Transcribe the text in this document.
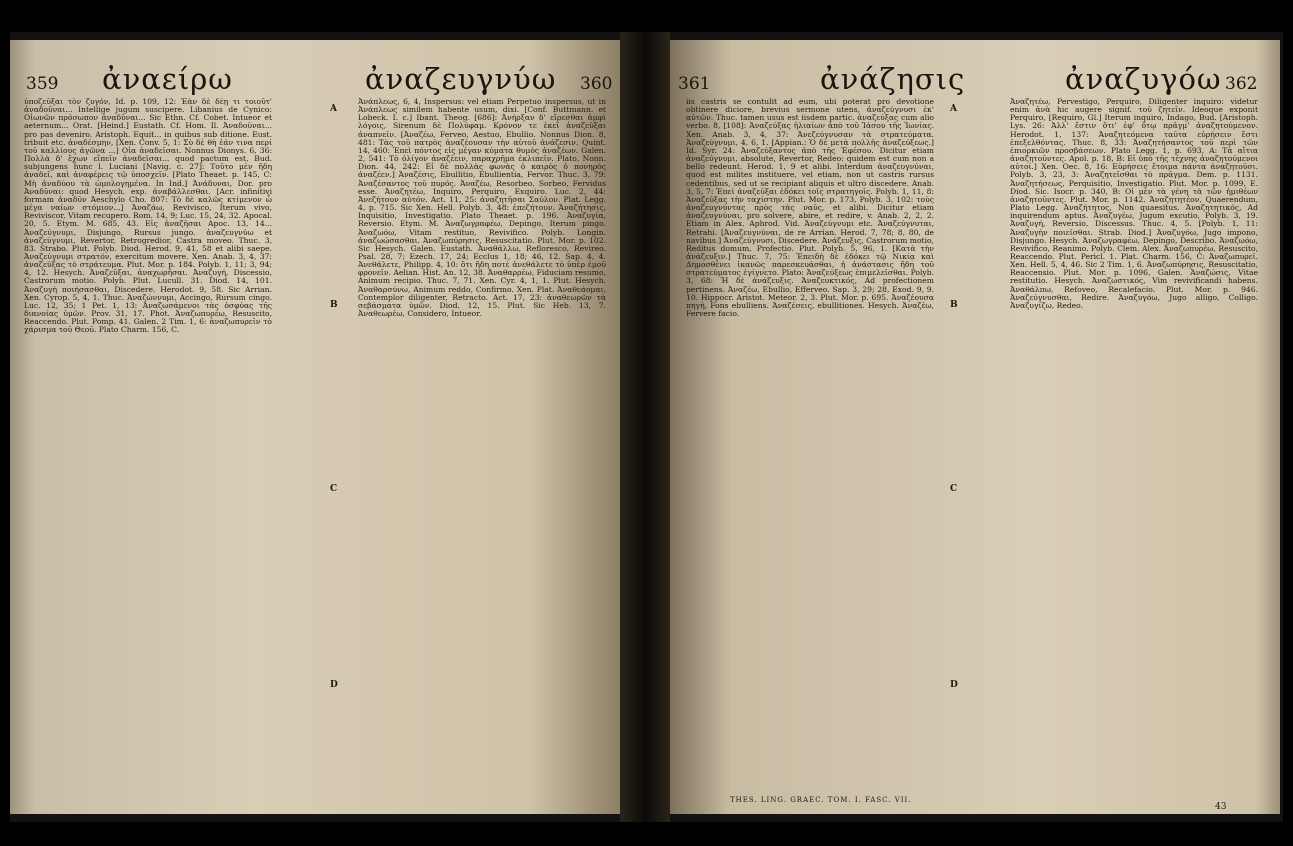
359 ἀναείρω	ἀναζευγνύω 360
ὑποζεῦξαι τὸν ζυγόν, Id. p. 109, 12: Ἐὰν δὲ δέῃ τι τοιοῦτ' ἀναδοῦναι... Intellige jugum suscipere. Libanius de Cynico: Οἰωνῶν πρόσωπον ἀναδῦναι... Sic Ethn. Cf. Cobet. Intueor et aeternum... Orat. [Heind.] Eustath. Cf. Hom. Il. Ἀναδοῦναι... pro pas deveniro. Aristoph. Equit... in quibus sub ditione. Eust. tribuit etc. ἀναδέσμην, [Xen. Conv. 5, 1: Σὺ δὲ θὴ ἐάν τινα περί τοῦ καλλίους ἀγῶνα ...] Οἱα ἀναδεῖσαι. Nonnus Dionys. 6, 36: Πολλὰ δ' ἔχων εἴπεῖν ἀναδεῖσαι... quod pactum est, Bud. subjungens hunc l. Luciani [Navig. c. 27]: Τοῦτο μὲν ἤδη ἀναδεῖ, καὶ ἀναφέρεις τῷ ὑποσχεῖν. [Plato Theaet. p. 145, C: Μὴ ἀναδύου τὰ ὡμολογημένα. In Ind.] Ἀνάδυναι, Dor. pro Ἀναδῦναι: quod Hesych. exp. ἀναβάλλεσθαι. [Acr. infinitivi formam ἀναδῦν Ἀeschylo Cho. 807: Τὸ δὲ καλῶς κτίμενον ὦ μέγα ναίων στόμιον...] Ἀναζάω, Revivisco, Iterum vivo, Reviviscor, Vitam recupero. Rom. 14, 9; Luc. 15, 24, 32. Apocal. 20, 5. Etym. M. 685, 43. Εἰς ἀναζῆσαι Apoc. 13, 14... Ἀναζεύγνυμι, Disjungo, Rursus jungo. ἀναζευγνύω et ἀναζεύγνυμι, Revertor, Retrogredior, Castra moveo. Thuc. 3, 83. Strabo. Plut. Polyb. Diod. Herod. 9, 41, 58 et alibi saepe. Ἀναζεύγνυμι στρατόν, exercitum movere. Xen. Anab. 3, 4, 37: ἀναζεύξας τὸ στράτευμα. Plut. Mor. p. 184. Polyb. 1, 11; 3, 94; 4, 12. Hesych. Ἀναζεῦξαι, ἀναχωρῆσαι. Ἀναζυγή, Discessio, Castrorum motio. Polyb. Plut. Lucull. 31. Diod. 14, 101. Ἀναζυγὴ ποιήσασθαι, Discedere. Herodot. 9, 58. Sic Arrian. Xen. Cyrop. 5, 4, 1. Thuc. Ἀναζώννυμι, Accingo, Rursum cingo. Luc. 12, 35; 1 Pet. 1, 13: Ἀναζωσάμενοι τὰς ὀσφύας τῆς διανοίας ὑμῶν. Prov. 31, 17. Phot. Ἀναζωπυρέω, Resuscito, Reaccendo. Plut. Pomp. 41. Galen. 2 Tim. 1, 6: ἀναζωπυρεῖν τὸ χάρισμα τοῦ Θεοῦ. Plato Charm. 156, C.
Ἀνάπλεως, 6, 4, Inspersus: vel etiam Perpetuo inspersus, ut in Ἀνάπλεως similem habente usum, dixi. [Conf. Buttmann. et Lobeck. I. c.] Ibant. Theog. [686]: Ἀνήρξαν δ' εἴρεσθαι ἀμφὶ λόγοις, Sirenum δὲ Πολύφαμ. Κρόνον τε ἐκεῖ ἀναζεῦξαι ἀναπνεῖν. [Ἀναζέω, Ferveo, Aestuo, Ebullio. Nonnus Dion. 8, 481: Τὰς τοῦ πατρὸς ἀναζέουσαν τὴν αὐτοῦ ἀνάζεσιν. Quint. 14, 460: Ἐπεὶ πόντος εἰς μέγαν κύματα θυμὸς ἀναζέων. Galen. 2, 541: Τὸ ὀλίγον ἀναζέειν, παραχρῆμα ἐκλιπεῖν. Plato, Nonn. Dion. 44, 242: Εἰ δὲ πολλὰς φωνὰς ὁ καιρὸς ὁ πονηρὸς ἀναζέεν.] Ἀναζέσις, Ebullitio, Ebullientia, Fervor. Thuc. 3, 79: Ἀναζέσαντος τοῦ πυρός. Ἀναζέω, Resorbeo, Sorbeo, Fervidus esse. Ἀναζητέω, Inquiro, Perquiro, Exquiro. Luc. 2, 44: Ἀνεζήτουν αὐτόν. Act. 11, 25: ἀναζητῆσαι Σαῦλον. Plat. Legg. 4, p. 715. Sic Xen. Hell. Polyb. 3, 48: ἐπεζήτουν. Ἀναζήτησις, Inquisitio, Investigatio. Plato Theaet. p. 196. Ἀναζυγία, Reversio. Etym. M. Ἀναζωγραφέω, Depingo, Iterum pingo. Ἀναζωόω, Vitam restituo, Revivifico. Polyb. Longin. ἀναζωώσασθαι. Ἀναζωπύρησις, Resuscitatio. Plut. Mor. p. 102. Sic Hesych. Galen. Eustath. Ἀναθάλλω, Refloresco, Revireo. Psal. 28, 7; Ezech. 17, 24; Ecclus 1, 18; 46, 12. Sap. 4, 4. Ἀνεθάλετε, Philipp. 4, 10: ὅτι ἤδη ποτὲ ἀνεθάλετε τὸ ὑπὲρ ἐμοῦ φρονεῖν. Aelian. Hist. An. 12, 38. Ἀναθαρρέω, Fiduciam resumo, Animum recipio. Thuc. 7, 71. Xen. Cyr. 4, 1, 1. Plut. Hesych. Ἀναθαρσύνω, Animum reddo, Confirmo. Xen. Plat. Ἀναθεάομαι, Contemplor diligenter, Retracto. Act. 17, 23: ἀναθεωρῶν τὰ σεβάσματα ὑμῶν. Diod. 12, 15. Plut. Sic Heb. 13, 7. Ἀναθεωρέω, Considero, Intueor.
A
B
C
D
361	ἀνάζησις	ἀναζυγόω 362
iis castris se contulit ad eum, ubi poterat pro devotione obtinere diciore, brevius sermone utens, ἀναζεύγνυσι ἐκ' αὐτῶν. Thuc. tamen usus est iisdem partic. ἀναζεύξας cum alio verbo. 8, [108]: Ἀναζεύξας ἡλιαίων ἀπὸ τοῦ Ἰάσου τῆς Ἰωνίας. Xen. Anab. 3, 4, 37: Ἀνεζεύγνυσαν τὰ στρατεύματα. Ἀναζεύγνυμι, 4, 6, 1. [Appian.: Ὁ δὲ μετὰ πολλῆς ἀναζεύξεως.] Id. Syr. 24: Ἀναζεύξαντος ἀπὸ τῆς Ἐφέσου. Dicitur etiam ἀναζεύγνυμι, absolute, Revertor, Redeo: quidem est cum non a bello redeunt. Herod. 1, 9 et alibi. Interdum ἀναζευγνύναι, quod est milites instituere, vel etiam, non ut castris rursus cedentibus, sed ut se recipiant aliquis et ultro discedere. Anab. 3, 5, 7: Ἐπεὶ ἀναζεῦξαι ἐδόκει τοῖς στρατηγοῖς. Polyb. 1, 11, 8: Ἀναζεύξας τὴν ταχίστην. Plut. Mor. p. 173, Polyb. 3, 102: τοὺς ἀναζευγνύντας πρὸς τὰς ναῦς, et alibi. Dicitur etiam ἀναζευγνύναι, pro solvere, abire, et redire, v. Anab. 2, 2, 2. Etiam in Alex. Aphrod. Vid. Ἀναζεύγνυμι etc. Ἀναζεύγνυται, Retrahi. [Ἀναζευγνύναι, de re Arrian. Herod. 7, 78; 8, 80, de navibus.] Ἀναζεύγνυσι, Discedere. Ἀνάζευξις, Castrorum motio, Reditus domum, Profectio. Plut. Polyb. 5, 96, 1. [Κατὰ τὴν ἀνάζευξιν.] Thuc. 7, 75: Ἐπειδὴ δὲ ἐδόκει τῷ Νικίᾳ καὶ Δημοσθένει ἱκανῶς παρεσκευάσθαι, ἡ ἀνάστασις ἤδη τοῦ στρατεύματος ἐγίγνετο. Plato: Ἀναζεύξεως ἐπιμελεῖσθαι. Polyb. 3, 68: Ἡ δὲ ἀνάζευξις. Ἀναζευκτικός, Ad profectionem pertinens. Ἀναζέω, Ebullio, Efferveo. Sap. 3, 29; 28, Exod. 9, 9. 10. Hippocr. Aristot. Meteor. 2, 3. Plut. Mor. p. 695. Ἀναζέουσα πηγή, Fons ebulliens. Ἀναζέσεις, ebullitiones. Hesych. Ἀναζέω, Fervere facio.
Ἀναζητέω, Pervestigo, Perquiro, Diligenter inquiro: videtur enim ἀνὰ hic augere signif. τοῦ ζητεῖν. Ideoque exponit Perquiro, [Requiro, Gl.] Iterum inquiro, Indago, Bud. [Aristoph. Lys. 26: Ἀλλ' ἔστιν ὅτι' ἐφ' ὅτῳ πρᾶγμ' ἀναζητούμενον. Herodot. 1, 137: Ἀναζητεόμενα ταῦτα εὑρήσειν ἔστι ἐπεξελθόντας. Thuc. 8, 33: Ἀναζητήσαντος τοῦ περὶ τῶν ἐπιορκιῶν προσβάσεων. Plato Legg. 1, p. 693, A: Τὰ αἴτια ἀναζητοῦντες. Apol. p. 18, B: Εἰ ὑπὸ τῆς τέχνης ἀναζητούμενοι αὐτοί.] Xen. Oec. 8, 16: Εὐρήσεις ἕτοιμα πάντα ἀναζητοῦσι. Polyb. 3, 23, 3: Ἀναζητεῖσθαι τὸ πρᾶγμα. Dem. p. 1131. Ἀναζητήσεως, Perquisitio, Investigatio. Plut. Mor. p. 1099, E. Diod. Sic. Isocr. p. 340, B: Οἱ μὲν τὰ γένη τὰ τῶν ἡμιθέων ἀναζητοῦντες. Plut. Mor. p. 1142. Ἀναζητητέον, Quaerendum, Plato Legg. Ἀναζήτητος, Non quaesitus. Ἀναζητητικός, Ad inquirendum aptus. Ἀναζυγέω, Jugum excutio, Polyb. 3, 19. Ἀναζυγή, Reversio, Discessus. Thuc. 4, 5. [Polyb. 1, 11: Ἀναζυγὴν ποιεῖσθαι. Strab. Diod.] Ἀναζυγόω, Jugo impono, Disjungo. Hesych. Ἀναζωγραφέω, Depingo, Describo. Ἀναζωόω, Revivifico, Reanimo. Polyb. Clem. Alex. Ἀναζωπυρέω, Resuscito, Reaccendo. Plut. Pericl. 1. Plat. Charm. 156, C: Ἀναζωπυρεῖ. Xen. Hell. 5, 4, 46. Sic 2 Tim. 1, 6. Ἀναζωπύρησις, Resuscitatio, Reaccensio. Plut. Mor. p. 1096, Galen. Ἀναζώσις, Vitae restitutio. Hesych. Ἀναζωστικός, Vim revivificandi habens. Ἀναθάλπω, Refoveo, Recalefacio. Plut. Mor. p. 946. Ἀναζεύγνυσθαι, Redire. Ἀναζυγόω, Jugo alligo, Colligo. Ἀναζυγίζω, Redeo.
A
B
C
D
THES. LING. GRAEC. TOM. I. FASC. VII.
43
